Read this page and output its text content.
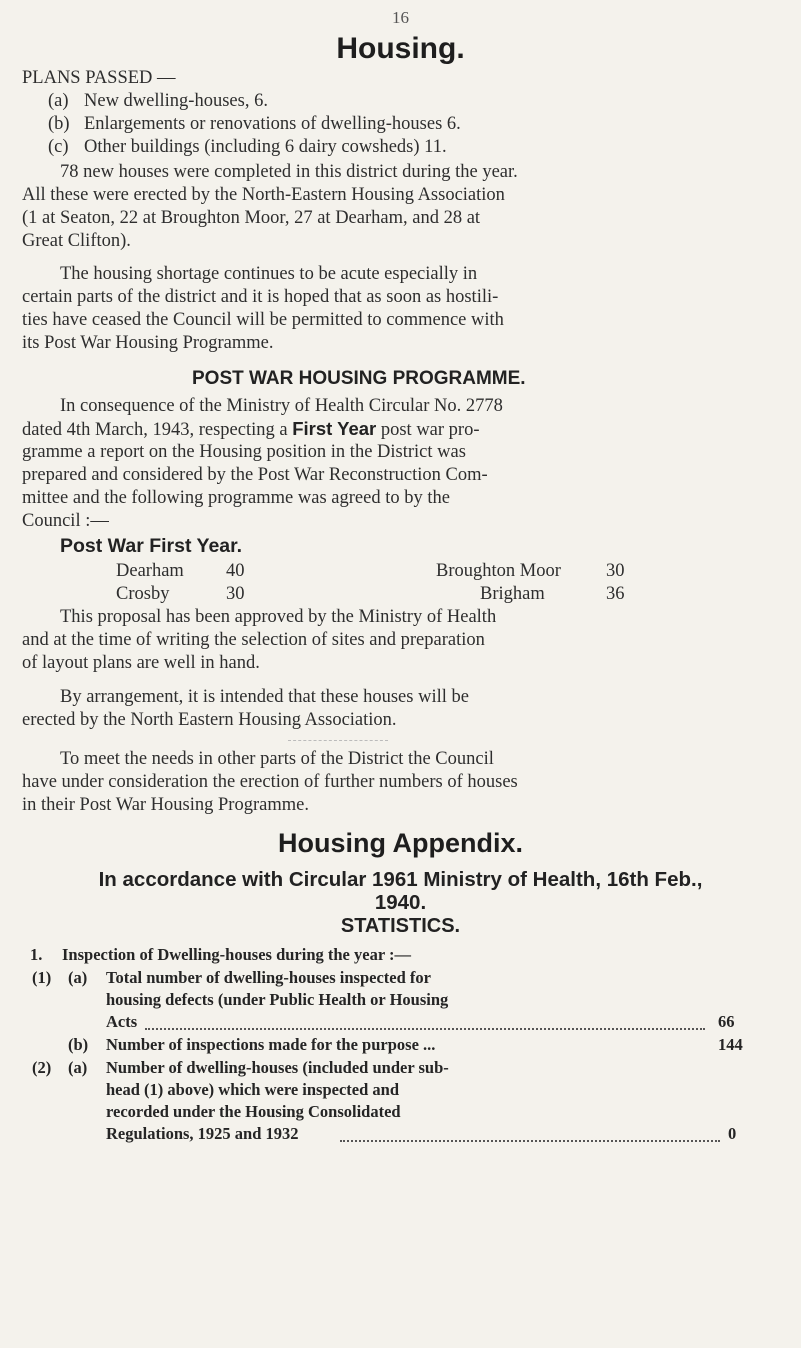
16
Housing.
PLANS PASSED —
(a) New dwelling-houses, 6.
(b) Enlargements or renovations of dwelling-houses 6.
(c) Other buildings (including 6 dairy cowsheds) 11.
78 new houses were completed in this district during the year.
All these were erected by the North-Eastern Housing Association
(1 at Seaton, 22 at Broughton Moor, 27 at Dearham, and 28 at
Great Clifton).
The housing shortage continues to be acute especially in
certain parts of the district and it is hoped that as soon as hostili-
ties have ceased the Council will be permitted to commence with
its Post War Housing Programme.
POST WAR HOUSING PROGRAMME.
In consequence of the Ministry of Health Circular No. 2778
dated 4th March, 1943, respecting a First Year post war pro-
gramme a report on the Housing position in the District was
prepared and considered by the Post War Reconstruction Com-
mittee and the following programme was agreed to by the
Council :—
Post War First Year.
Dearham 40	Broughton Moor 30
Crosby	30	Brigham	36
This proposal has been approved by the Ministry of Health
and at the time of writing the selection of sites and preparation
of layout plans are well in hand.
By arrangement, it is intended that these houses will be
erected by the North Eastern Housing Association.
To meet the needs in other parts of the District the Council
have under consideration the erection of further numbers of houses
in their Post War Housing Programme.
Housing Appendix.
In accordance with Circular 1961 Ministry of Health, 16th Feb.,
1940.
STATISTICS.
1. Inspection of Dwelling-houses during the year :—
(1) (a) Total number of dwelling-houses inspected for
housing defects (under Public Health or Housing
Acts	66
(b) Number of inspections made for the purpose ...	144
(2) (a) Number of dwelling-houses (included under sub-
head (1) above) which were inspected and
recorded under the Housing Consolidated
Regulations, 1925 and 1932	0
